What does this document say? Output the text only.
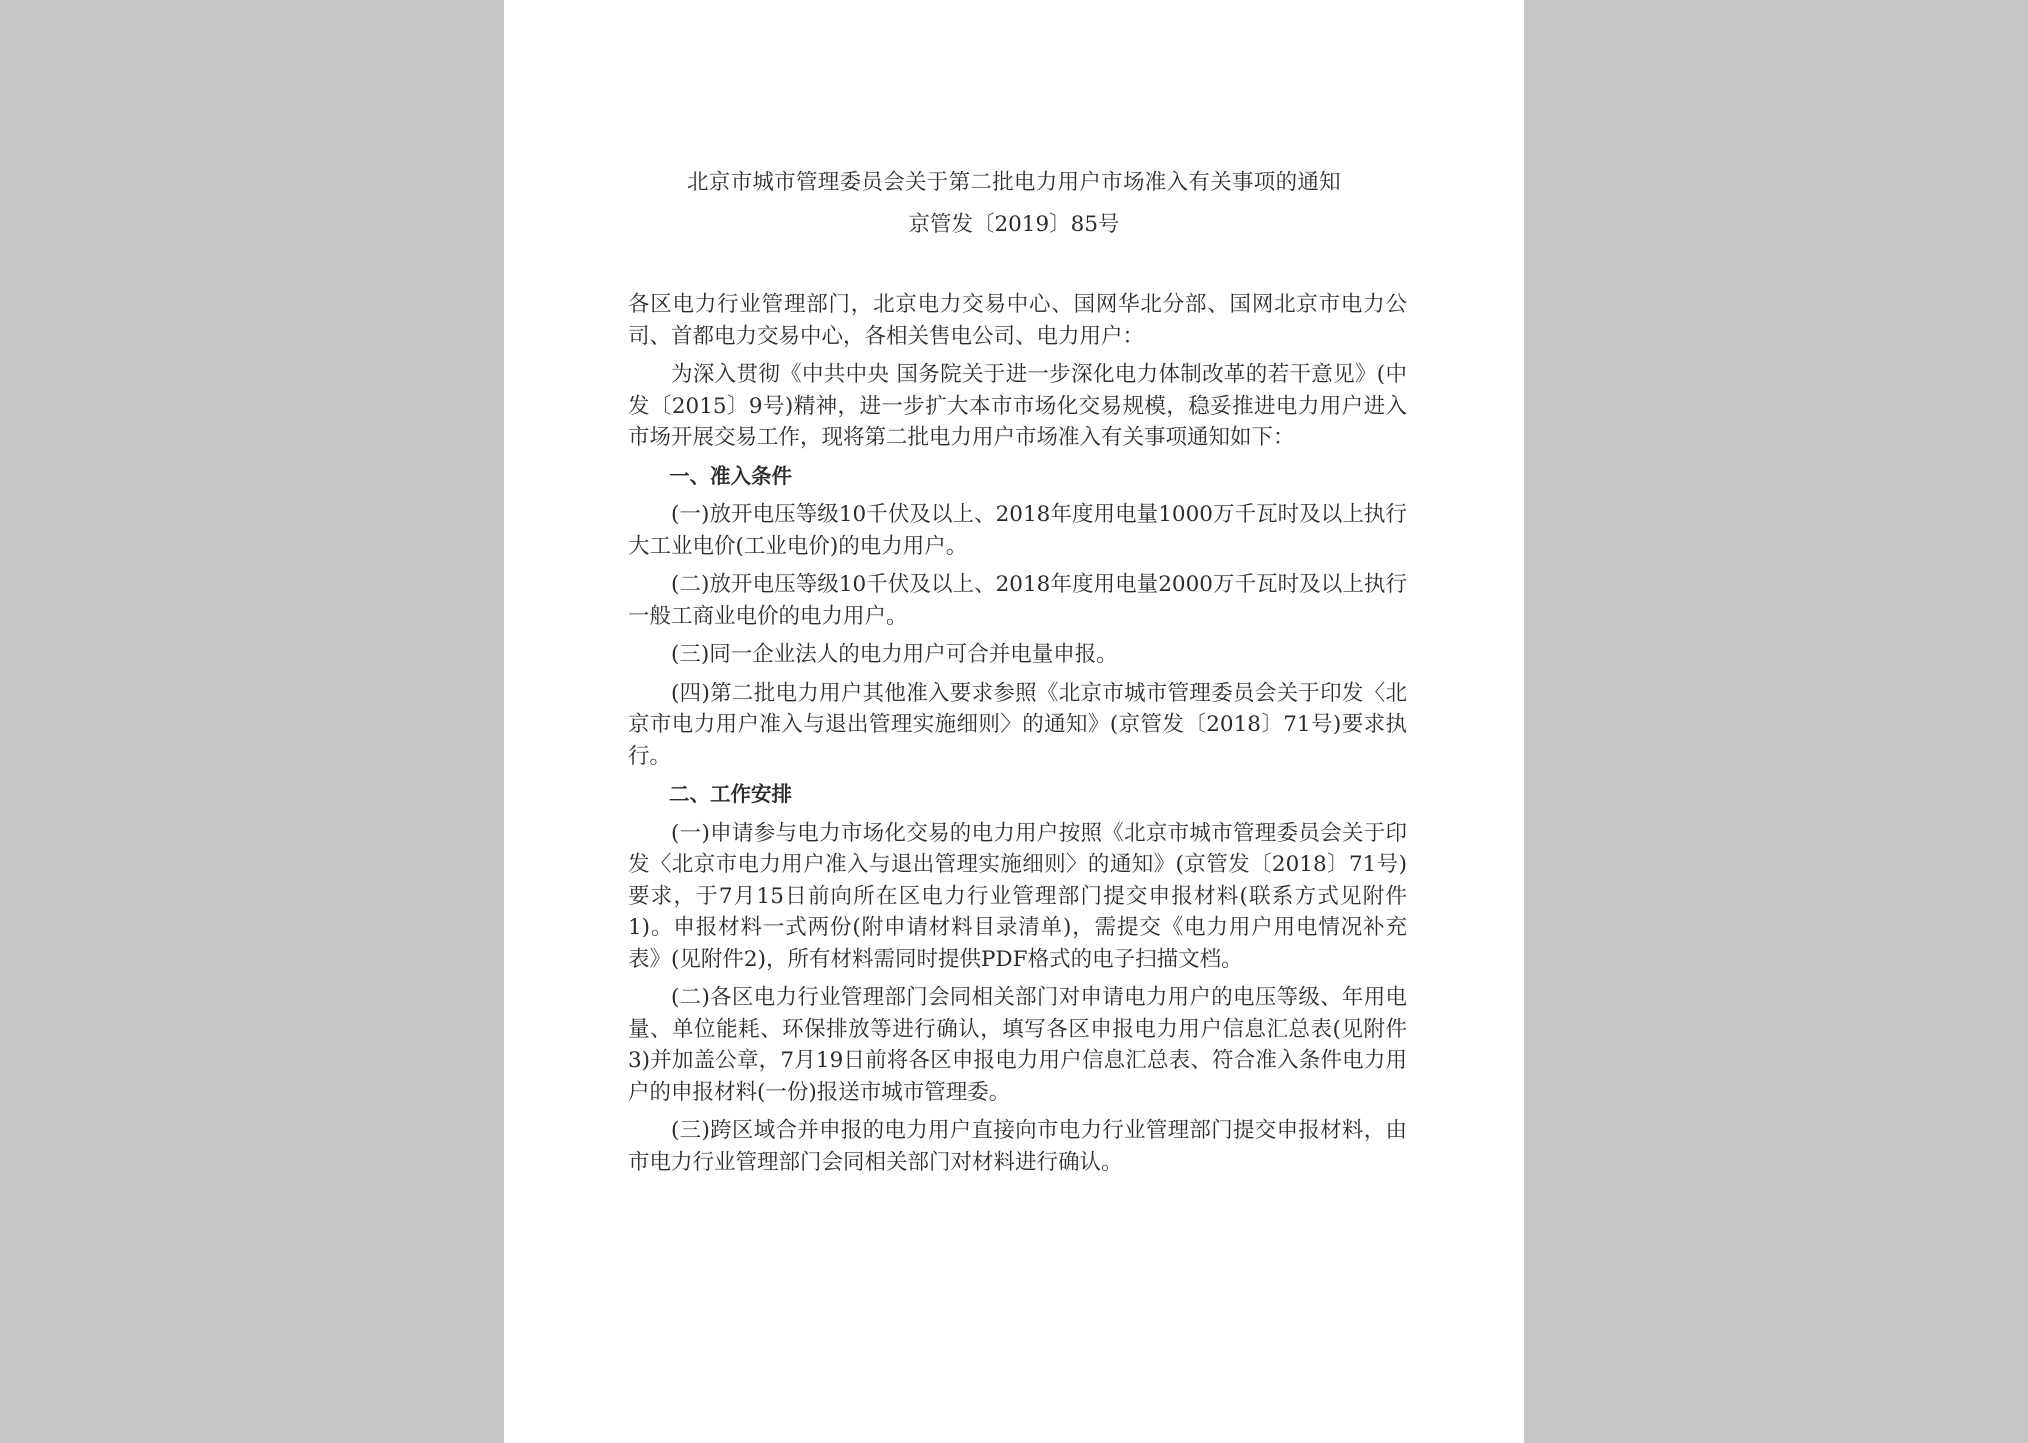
北京市城市管理委员会关于第二批电力用户市场准入有关事项的通知
京管发〔2019〕85号

各区电力行业管理部门，北京电力交易中心、国网华北分部、国网北京市电力公司、首都电力交易中心，各相关售电公司、电力用户：

为深入贯彻《中共中央 国务院关于进一步深化电力体制改革的若干意见》(中发〔2015〕9号)精神，进一步扩大本市市场化交易规模，稳妥推进电力用户进入市场开展交易工作，现将第二批电力用户市场准入有关事项通知如下：

一、准入条件

(一)放开电压等级10千伏及以上、2018年度用电量1000万千瓦时及以上执行大工业电价(工业电价)的电力用户。

(二)放开电压等级10千伏及以上、2018年度用电量2000万千瓦时及以上执行一般工商业电价的电力用户。

(三)同一企业法人的电力用户可合并电量申报。

(四)第二批电力用户其他准入要求参照《北京市城市管理委员会关于印发〈北京市电力用户准入与退出管理实施细则〉的通知》(京管发〔2018〕71号)要求执行。

二、工作安排

(一)申请参与电力市场化交易的电力用户按照《北京市城市管理委员会关于印发〈北京市电力用户准入与退出管理实施细则〉的通知》(京管发〔2018〕71号)要求，于7月15日前向所在区电力行业管理部门提交申报材料(联系方式见附件1)。申报材料一式两份(附申请材料目录清单)，需提交《电力用户用电情况补充表》(见附件2)，所有材料需同时提供PDF格式的电子扫描文档。

(二)各区电力行业管理部门会同相关部门对申请电力用户的电压等级、年用电量、单位能耗、环保排放等进行确认，填写各区申报电力用户信息汇总表(见附件3)并加盖公章，7月19日前将各区申报电力用户信息汇总表、符合准入条件电力用户的申报材料(一份)报送市城市管理委。

(三)跨区域合并申报的电力用户直接向市电力行业管理部门提交申报材料，由市电力行业管理部门会同相关部门对材料进行确认。
